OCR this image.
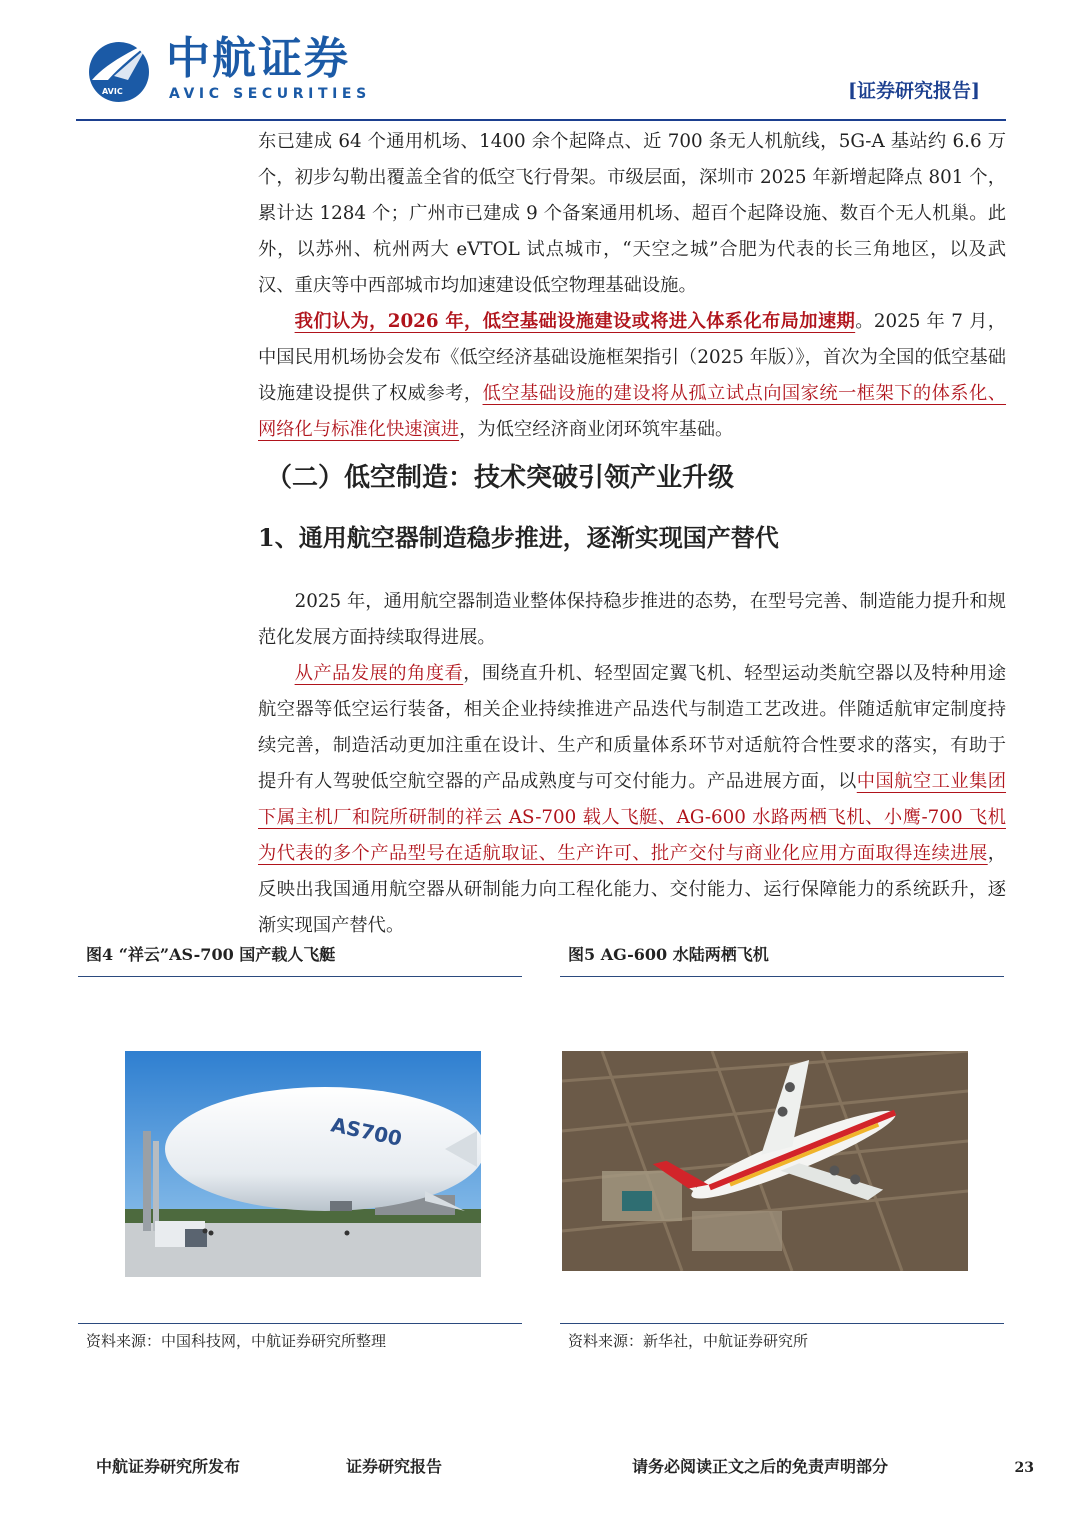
AVIC
中航证券
AVIC SECURITIES	[证券研究报告]

东已建成 64 个通用机场、1400 余个起降点、近 700 条无人机航线，5G-A 基站约 6.6 万个，初步勾勒出覆盖全省的低空飞行骨架。市级层面，深圳市 2025 年新增起降点 801 个，累计达 1284 个；广州市已建成 9 个备案通用机场、超百个起降设施、数百个无人机巢。此外，以苏州、杭州两大 eVTOL 试点城市，“天空之城”合肥为代表的长三角地区，以及武汉、重庆等中西部城市均加速建设低空物理基础设施。

我们认为，2026 年，低空基础设施建设或将进入体系化布局加速期。2025 年 7 月，中国民用机场协会发布《低空经济基础设施框架指引（2025 年版）》，首次为全国的低空基础设施建设提供了权威参考，低空基础设施的建设将从孤立试点向国家统一框架下的体系化、网络化与标准化快速演进，为低空经济商业闭环筑牢基础。

（二）低空制造：技术突破引领产业升级
1、通用航空器制造稳步推进，逐渐实现国产替代

2025 年，通用航空器制造业整体保持稳步推进的态势，在型号完善、制造能力提升和规范化发展方面持续取得进展。

从产品发展的角度看，围绕直升机、轻型固定翼飞机、轻型运动类航空器以及特种用途航空器等低空运行装备，相关企业持续推进产品迭代与制造工艺改进。伴随适航审定制度持续完善，制造活动更加注重在设计、生产和质量体系环节对适航符合性要求的落实，有助于提升有人驾驶低空航空器的产品成熟度与可交付能力。产品进展方面，以中国航空工业集团下属主机厂和院所研制的祥云 AS-700 载人飞艇、AG-600 水路两栖飞机、小鹰-700 飞机为代表的多个产品型号在适航取证、生产许可、批产交付与商业化应用方面取得连续进展，反映出我国通用航空器从研制能力向工程化能力、交付能力、运行保障能力的系统跃升，逐渐实现国产替代。

图4 “祥云”AS-700 国产载人飞艇
AS700
资料来源：中国科技网，中航证券研究所整理
图5 AG-600 水陆两栖飞机
资料来源：新华社，中航证券研究所
中航证券研究所发布	证券研究报告	请务必阅读正文之后的免责声明部分	23
